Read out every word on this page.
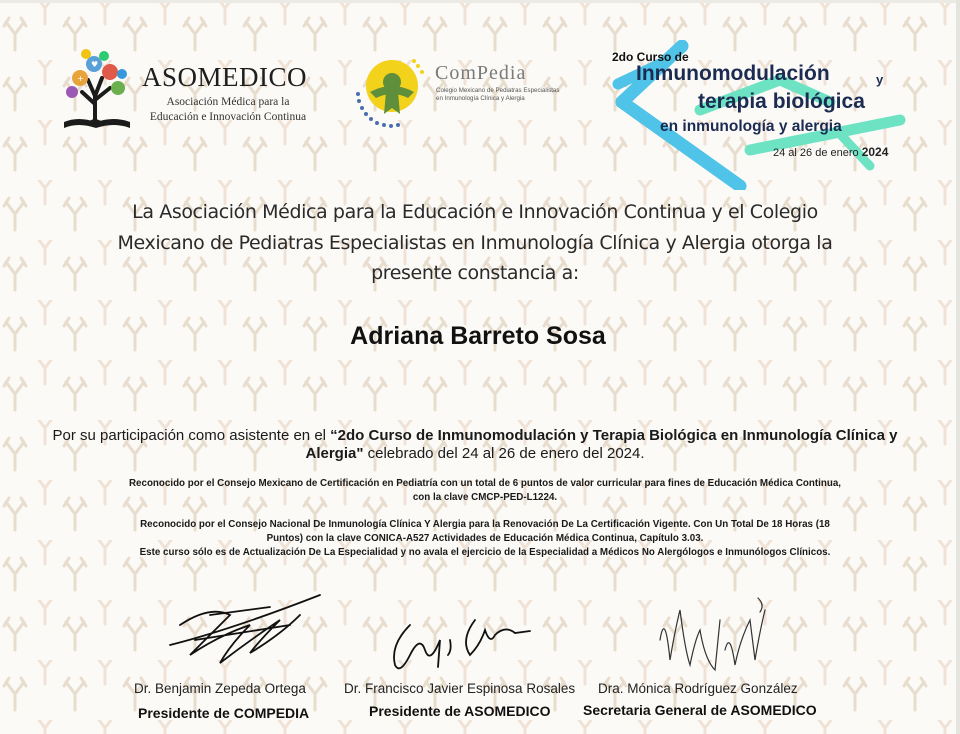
+
♥ ASOMEDICO
Asociación Médica para la
Educación e Innovación Continua
ComPedia
Colegio Mexicano de Pediatras Especialistas
en Inmunología Clínica y Alergia
2do Curso de
Inmunomodulación	y
terapia biológica
en inmunología y alergia
24 al 26 de enero 2024
La Asociación Médica para la Educación e Innovación Continua y el Colegio
Mexicano de Pediatras Especialistas en Inmunología Clínica y Alergia otorga la
presente constancia a:
Adriana Barreto Sosa
Por su participación como asistente en el “2do Curso de Inmunomodulación y Terapia Biológica en Inmunología Clínica y Alergia" celebrado del 24 al 26 de enero del 2024.
Reconocido por el Consejo Mexicano de Certificación en Pediatría con un total de 6 puntos de valor curricular para fines de Educación Médica Continua,
con la clave CMCP-PED-L1224.
Reconocido por el Consejo Nacional De Inmunología Clínica Y Alergia para la Renovación De La Certificación Vigente. Con Un Total De 18 Horas (18
Puntos) con la clave CONICA-A527 Actividades de Educación Médica Continua, Capítulo 3.03.
Este curso sólo es de Actualización De La Especialidad y no avala el ejercicio de la Especialidad a Médicos No Alergólogos e Inmunólogos Clínicos.
Dr. Benjamin Zepeda Ortega
Presidente de COMPEDIA
Dr. Francisco Javier Espinosa Rosales
Presidente de ASOMEDICO
Dra. Mónica Rodríguez González
Secretaria General de ASOMEDICO
